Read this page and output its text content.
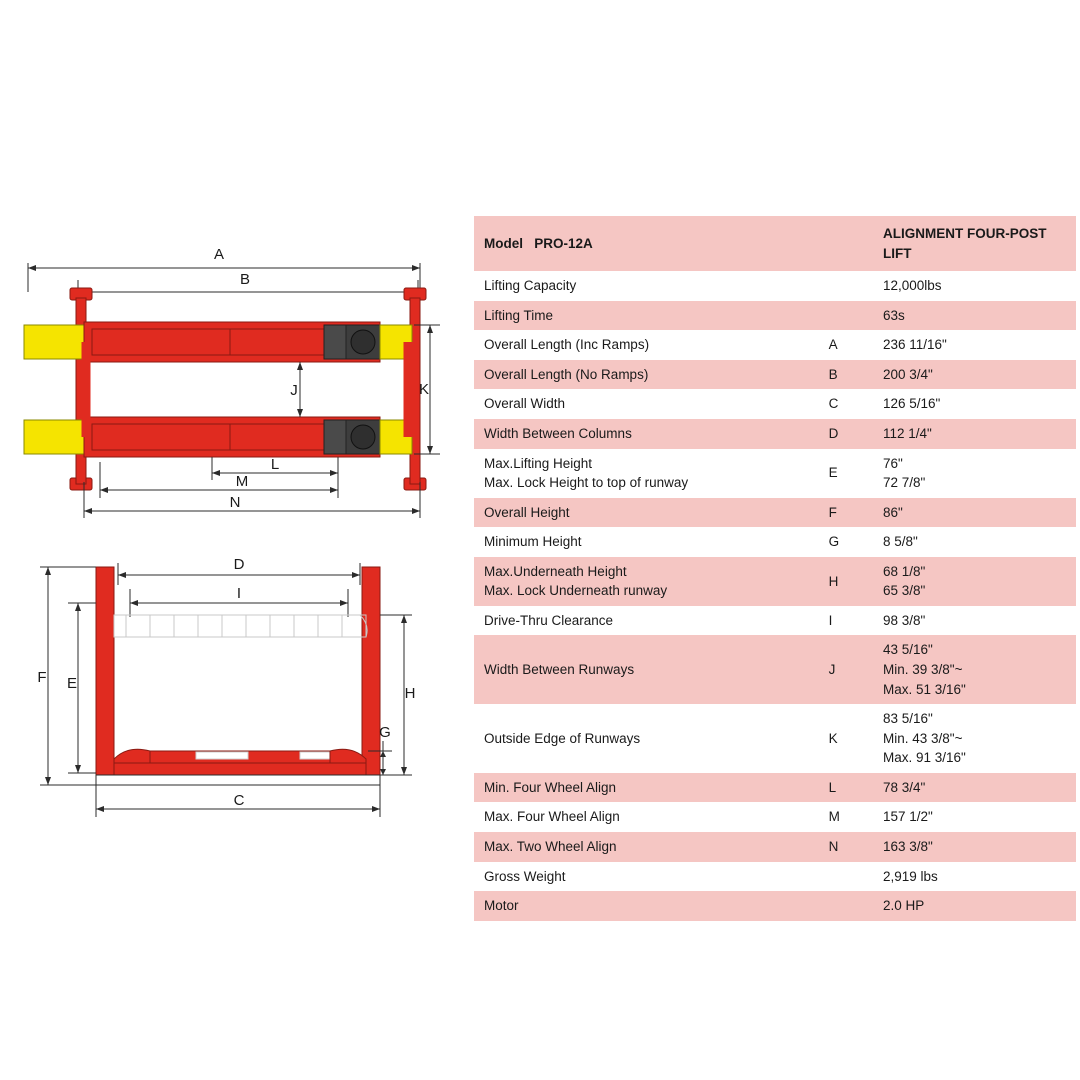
A
B
J	K
L
M
N
D
I
F E
H
G
C
Model PRO-12A		ALIGNMENT FOUR-POST LIFT

Lifting Capacity		12,000lbs

Lifting Time		63s

Overall Length (Inc Ramps)	A	236 11/16"

Overall Length (No Ramps)	B	200 3/4"

Overall Width	C	126 5/16"

Width Between Columns	D	112 1/4"

Max.Lifting Height
Max. Lock Height to top of runway	E	76"
72 7/8"

Overall Height	F	86"

Minimum Height	G	8 5/8"

Max.Underneath Height
Max. Lock Underneath runway	H	68 1/8"
65 3/8"

Drive-Thru Clearance	I	98 3/8"

Width Between Runways	J	43 5/16"
Min. 39 3/8"~
Max. 51 3/16"

Outside Edge of Runways	K	83 5/16"
Min. 43 3/8"~
Max. 91 3/16"

Min. Four Wheel Align	L	78 3/4"

Max. Four Wheel Align	M	157 1/2"

Max. Two Wheel Align	N	163 3/8"

Gross Weight		2,919 lbs

Motor		2.0 HP
